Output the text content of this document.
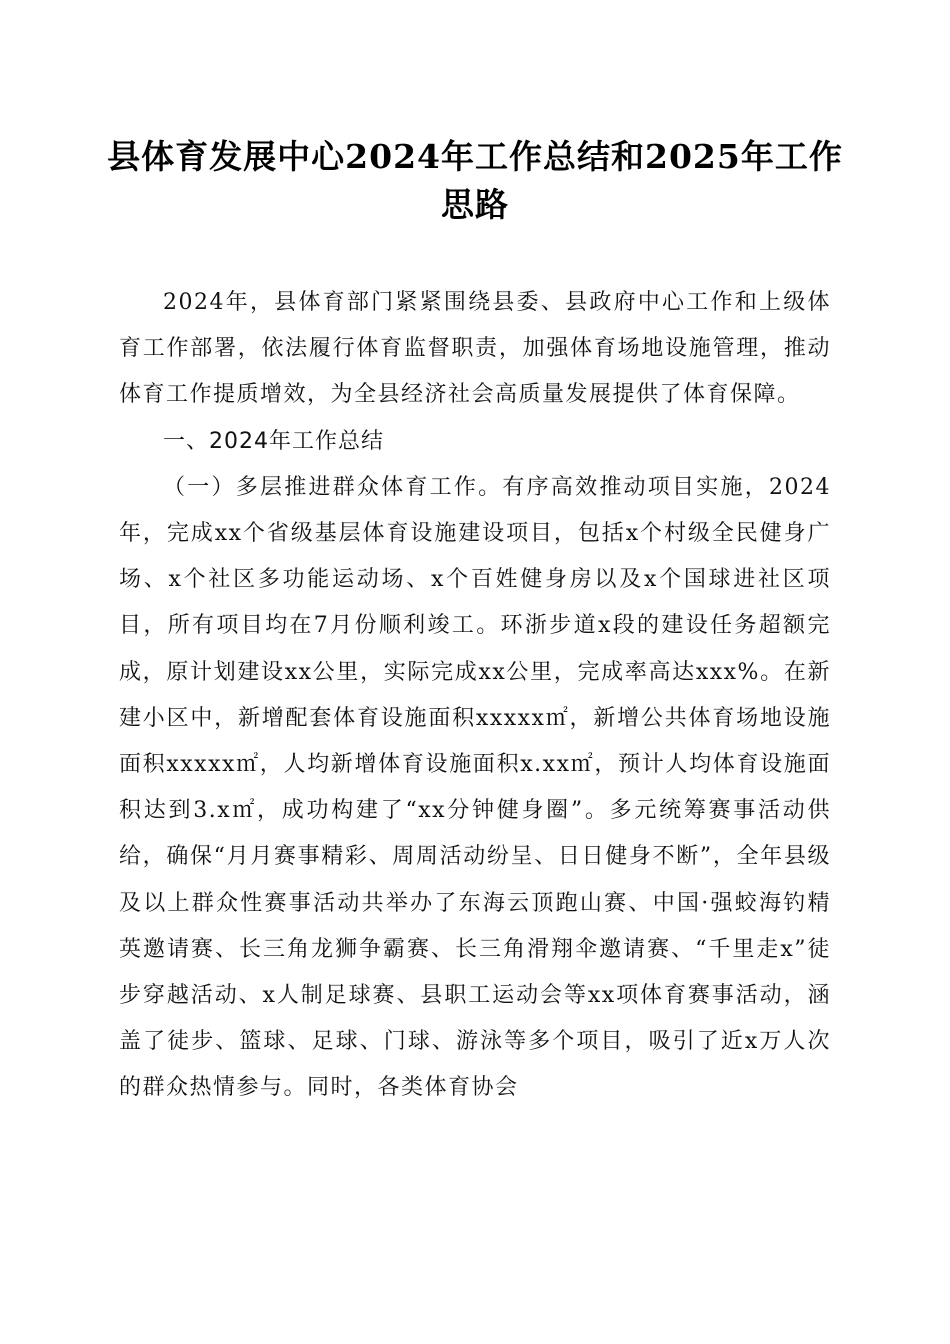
县体育发展中心2024年工作总结和2025年工作思路

2024年，县体育部门紧紧围绕县委、县政府中心工作和上级体育工作部署，依法履行体育监督职责，加强体育场地设施管理，推动体育工作提质增效，为全县经济社会高质量发展提供了体育保障。

一、2024年工作总结

（一）多层推进群众体育工作。有序高效推动项目实施，2024年，完成xx个省级基层体育设施建设项目，包括x个村级全民健身广场、x个社区多功能运动场、x个百姓健身房以及x个国球进社区项目，所有项目均在7月份顺利竣工。环浙步道x段的建设任务超额完成，原计划建设xx公里，实际完成xx公里，完成率高达xxx%。在新建小区中，新增配套体育设施面积xxxxx㎡，新增公共体育场地设施面积xxxxx㎡，人均新增体育设施面积x.xx㎡，预计人均体育设施面积达到3.x㎡，成功构建了“xx分钟健身圈”。多元统筹赛事活动供给，确保“月月赛事精彩、周周活动纷呈、日日健身不断”，全年县级及以上群众性赛事活动共举办了东海云顶跑山赛、中国·强蛟海钓精英邀请赛、长三角龙狮争霸赛、长三角滑翔伞邀请赛、“千里走x”徒步穿越活动、x人制足球赛、县职工运动会等xx项体育赛事活动，涵盖了徒步、篮球、足球、门球、游泳等多个项目，吸引了近x万人次的群众热情参与。同时，各类体育协会
